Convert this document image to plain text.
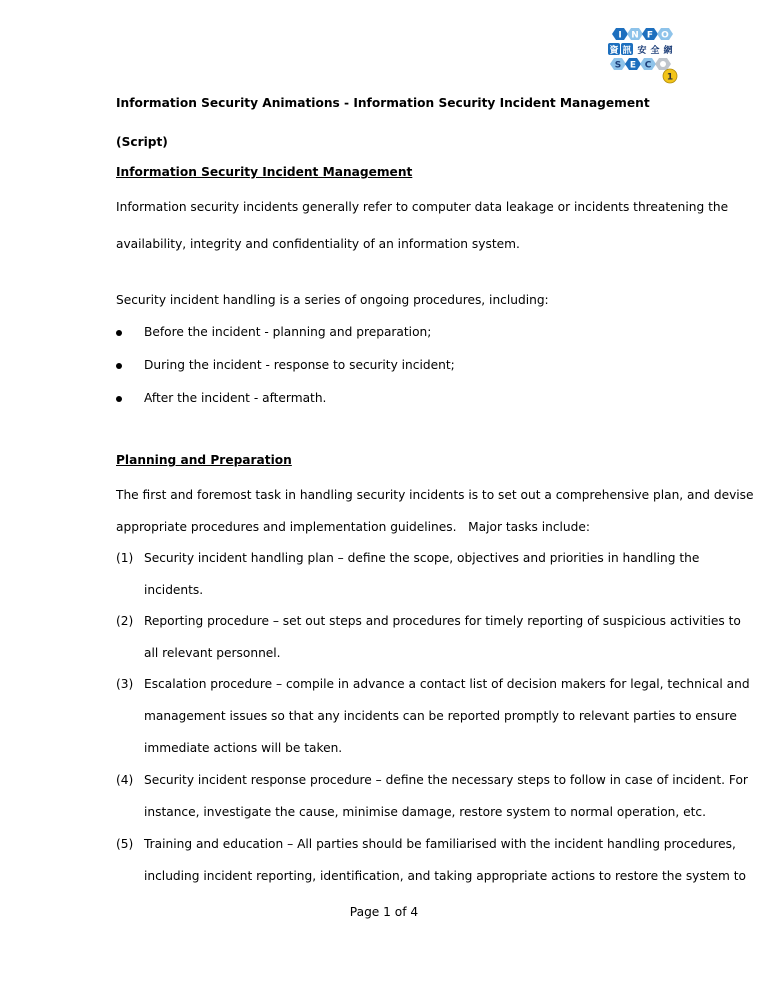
I N F O
資 訊 安 全 網
S E C
1
Information Security Animations - Information Security Incident Management
(Script)
Information Security Incident Management
Information security incidents generally refer to computer data leakage or incidents threatening the
availability, integrity and confidentiality of an information system.
Security incident handling is a series of ongoing procedures, including:
Before the incident - planning and preparation;
During the incident - response to security incident;
After the incident - aftermath.
Planning and Preparation
The first and foremost task in handling security incidents is to set out a comprehensive plan, and devise
appropriate procedures and implementation guidelines.   Major tasks include:
(1) Security incident handling plan – define the scope, objectives and priorities in handling the
incidents.
(2) Reporting procedure – set out steps and procedures for timely reporting of suspicious activities to
all relevant personnel.
(3) Escalation procedure – compile in advance a contact list of decision makers for legal, technical and
management issues so that any incidents can be reported promptly to relevant parties to ensure
immediate actions will be taken.
(4) Security incident response procedure – define the necessary steps to follow in case of incident. For
instance, investigate the cause, minimise damage, restore system to normal operation, etc.
(5) Training and education – All parties should be familiarised with the incident handling procedures,
including incident reporting, identification, and taking appropriate actions to restore the system to
Page 1 of 4
